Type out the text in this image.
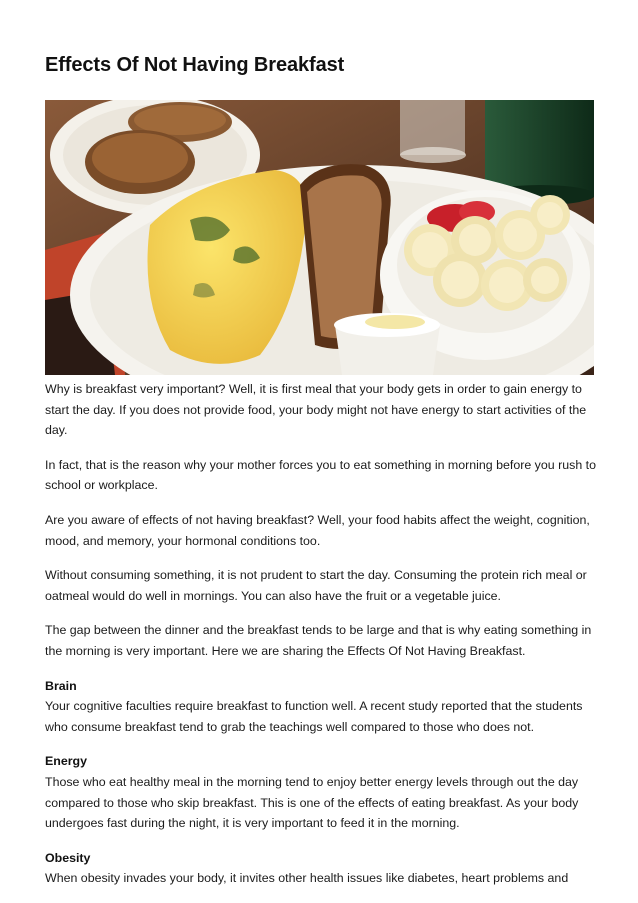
Effects Of Not Having Breakfast

Why is breakfast very important? Well, it is first meal that your body gets in order to gain energy to start the day. If you does not provide food, your body might not have energy to start activities of the day.

In fact, that is the reason why your mother forces you to eat something in morning before you rush to school or workplace.

Are you aware of effects of not having breakfast? Well, your food habits affect the weight, cognition, mood, and memory, your hormonal conditions too.

Without consuming something, it is not prudent to start the day. Consuming the protein rich meal or oatmeal would do well in mornings. You can also have the fruit or a vegetable juice.

The gap between the dinner and the breakfast tends to be large and that is why eating something in the morning is very important. Here we are sharing the Effects Of Not Having Breakfast.

Brain

Your cognitive faculties require breakfast to function well. A recent study reported that the students who consume breakfast tend to grab the teachings well compared to those who does not.

Energy

Those who eat healthy meal in the morning tend to enjoy better energy levels through out the day compared to those who skip breakfast. This is one of the effects of eating breakfast. As your body undergoes fast during the night, it is very important to feed it in the morning.

Obesity

When obesity invades your body, it invites other health issues like diabetes, heart problems and
